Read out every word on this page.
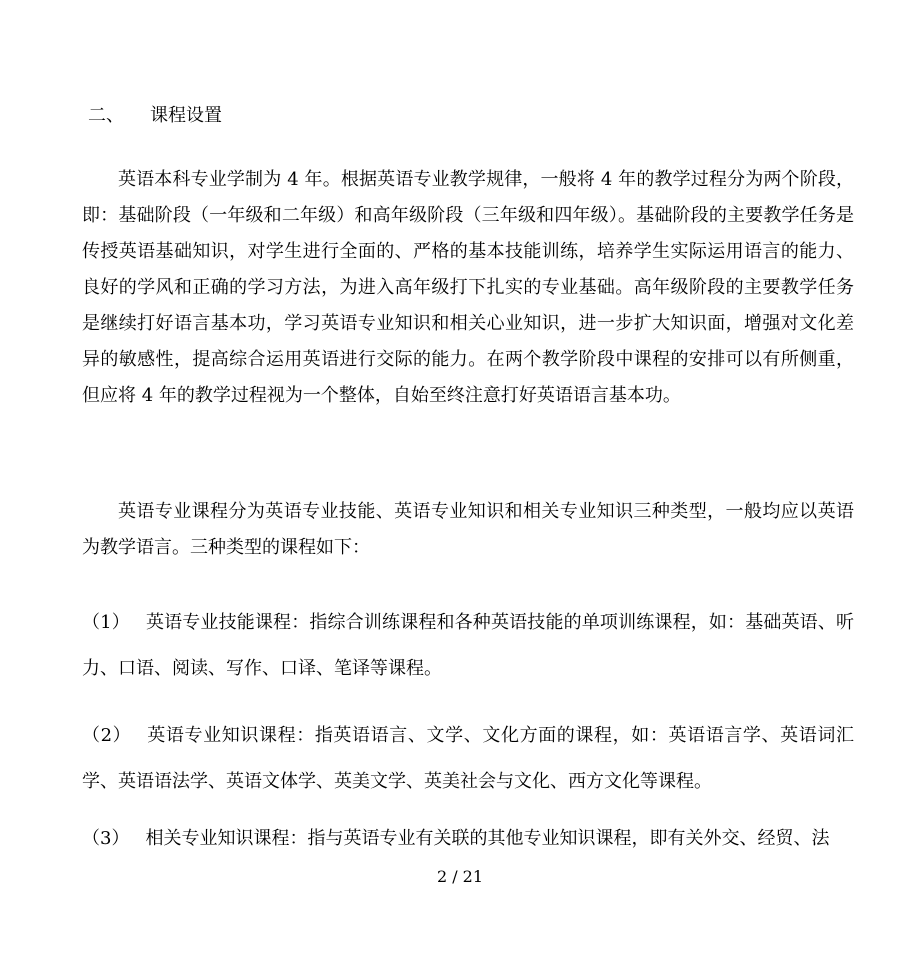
二、 课程设置

英语本科专业学制为 4 年。根据英语专业教学规律，一般将 4 年的教学过程分为两个阶段，即：基础阶段（一年级和二年级）和高年级阶段（三年级和四年级）。基础阶段的主要教学任务是传授英语基础知识，对学生进行全面的、严格的基本技能训练，培养学生实际运用语言的能力、良好的学风和正确的学习方法，为进入高年级打下扎实的专业基础。高年级阶段的主要教学任务是继续打好语言基本功，学习英语专业知识和相关心业知识，进一步扩大知识面，增强对文化差异的敏感性，提高综合运用英语进行交际的能力。在两个教学阶段中课程的安排可以有所侧重，但应将 4 年的教学过程视为一个整体，自始至终注意打好英语语言基本功。

英语专业课程分为英语专业技能、英语专业知识和相关专业知识三种类型，一般均应以英语为教学语言。三种类型的课程如下：

（1） 英语专业技能课程：指综合训练课程和各种英语技能的单项训练课程，如：基础英语、听力、口语、阅读、写作、口译、笔译等课程。

（2） 英语专业知识课程：指英语语言、文学、文化方面的课程，如：英语语言学、英语词汇学、英语语法学、英语文体学、英美文学、英美社会与文化、西方文化等课程。

（3） 相关专业知识课程：指与英语专业有关联的其他专业知识课程，即有关外交、经贸、法

2 / 21
